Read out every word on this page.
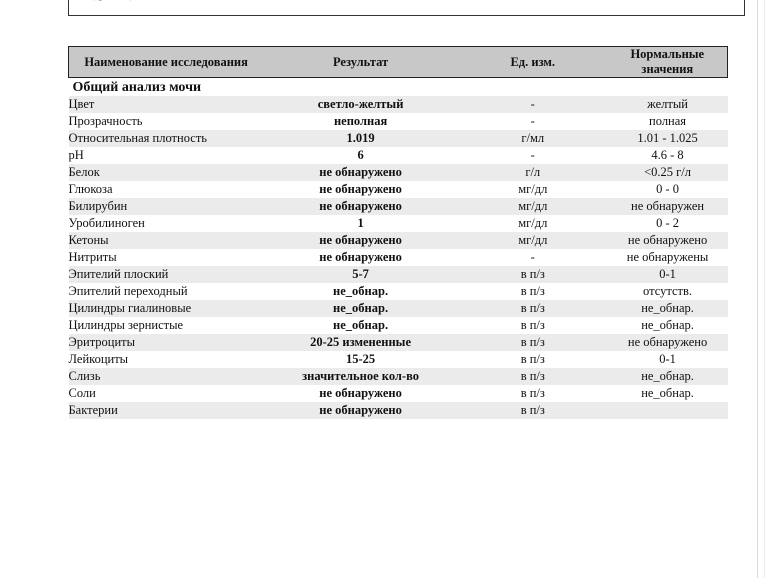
Наименование исследования	Результат	Ед. изм.	Нормальные значения
Общий анализ мочи			
Цвет	светло-желтый	-	желтый
Прозрачность	неполная	-	полная
Относительная плотность	1.019	г/мл	1.01 - 1.025
pH	6	-	4.6 - 8
Белок	не обнаружено	г/л	<0.25 г/л
Глюкоза	не обнаружено	мг/дл	0 - 0
Билирубин	не обнаружено	мг/дл	не обнаружен
Уробилиноген	1	мг/дл	0 - 2
Кетоны	не обнаружено	мг/дл	не обнаружено
Нитриты	не обнаружено	-	не обнаружены
Эпителий плоский	5-7	в п/з	0-1
Эпителий переходный	не_обнар.	в п/з	отсутств.
Цилиндры гиалиновые	не_обнар.	в п/з	не_обнар.
Цилиндры зернистые	не_обнар.	в п/з	не_обнар.
Эритроциты	20-25 измененные	в п/з	не обнаружено
Лейкоциты	15-25	в п/з	0-1
Слизь	значительное кол-во	в п/з	не_обнар.
Соли	не обнаружено	в п/з	не_обнар.
Бактерии	не обнаружено	в п/з	
